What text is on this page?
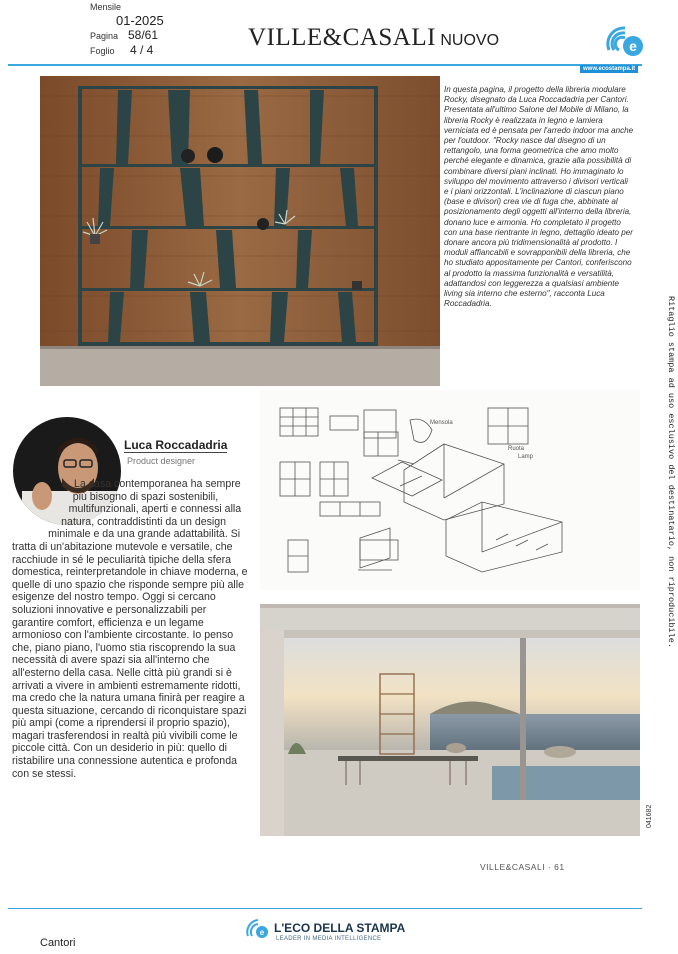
Mensile
01-2025
Pagina 58/61
Foglio 4 / 4	VILLE&CASALI NUOVO	e
www.ecostampa.it
In questa pagina, il progetto della libreria modulare Rocky, disegnato da Luca Roccadadria per Cantori. Presentata all'ultimo Salone del Mobile di Milano, la libreria Rocky è realizzata in legno e lamiera verniciata ed è pensata per l'arredo indoor ma anche per l'outdoor. "Rocky nasce dal disegno di un rettangolo, una forma geometrica che amo molto perché elegante e dinamica, grazie alla possibilità di combinare diversi piani inclinati. Ho immaginato lo sviluppo del movimento attraverso i divisori verticali e i piani orizzontali. L'inclinazione di ciascun piano (base e divisori) crea vie di fuga che, abbinate al posizionamento degli oggetti all'interno della libreria, donano luce e armonia. Ho completato il progetto con una base rientrante in legno, dettaglio ideato per donare ancora più tridimensionalità al prodotto. I moduli affiancabili e sovrapponibili della libreria, che ho studiato appositamente per Cantori, conferiscono al prodotto la massima funzionalità e versatilità, adattandosi con leggerezza a qualsiasi ambiente living sia interno che esterno", racconta Luca Roccadadria.
Luca Roccadadria
Product designer
La casa contemporanea ha sempre più bisogno di spazi sostenibili, multifunzionali, aperti e connessi alla natura, contraddistinti da un design minimale e da una grande adattabilità. Si tratta di un'abitazione mutevole e versatile, che racchiude in sé le peculiarità tipiche della sfera domestica, reinterpretandole in chiave moderna, e quelle di uno spazio che risponde sempre più alle esigenze del nostro tempo. Oggi si cercano soluzioni innovative e personalizzabili per garantire comfort, efficienza e un legame armonioso con l'ambiente circostante. Io penso che, piano piano, l'uomo stia riscoprendo la sua necessità di avere spazi sia all'interno che all'esterno della casa. Nelle città più grandi si è arrivati a vivere in ambienti estremamente ridotti, ma credo che la natura umana finirà per reagire a questa situazione, cercando di riconquistare spazi più ampi (come a riprendersi il proprio spazio), magari trasferendosi in realtà più vivibili come le piccole città. Con un desiderio in più: quello di ristabilire una connessione autentica e profonda con se stessi.
Mensola
Ruota
Lamp
041682
Ritaglio stampa ad uso esclusivo del destinatario, non riproducibile.
VILLE&CASALI · 61
e L'ECO DELLA STAMPA
LEADER IN MEDIA INTELLIGENCE
Cantori
